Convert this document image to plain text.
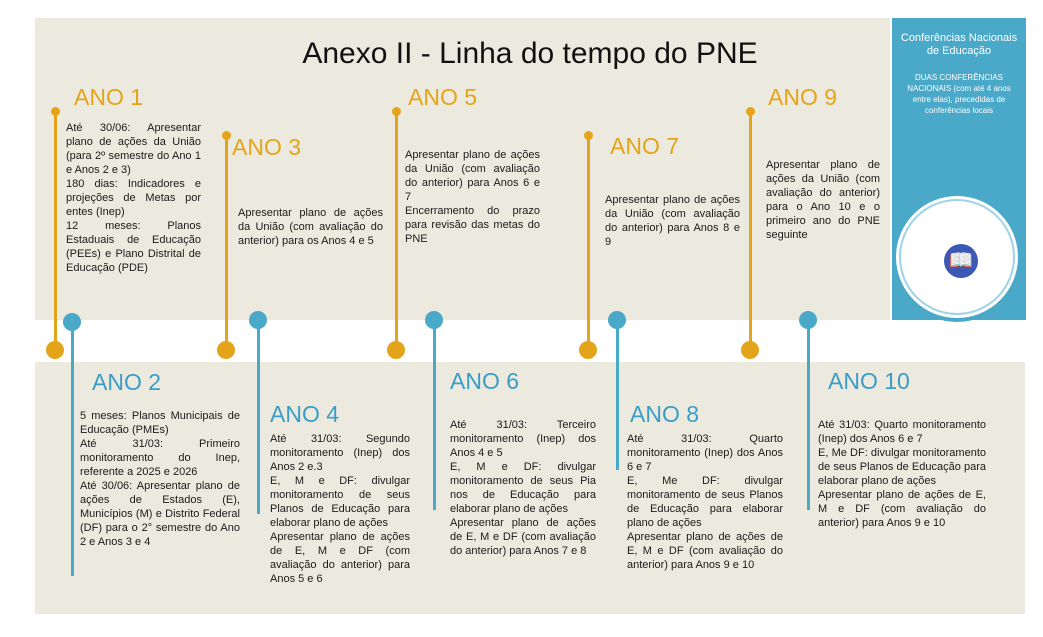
Conferências Nacionais de Educação
DUAS CONFERÊNCIAS NACIONAIS (com até 4 anos entre elas), precedidas de conferências locais
📖
Anexo II - Linha do tempo do PNE
ANO 1

Até 30/06: Apresentar plano de ações da União (para 2º semestre do Ano 1 e Anos 2 e 3)

180 dias: Indicadores e projeções de Metas por entes (Inep)

12 meses: Planos Estaduais de Educação (PEEs) e Plano Distrital de Educação (PDE)

ANO 2

5 meses: Planos Municipais de Educação (PMEs)

Até 31/03: Primeiro monitoramento do Inep, referente a 2025 e 2026

Até 30/06: Apresentar plano de ações de Estados (E), Municípios (M) e Distrito Federal (DF) para o 2° semestre do Ano 2 e Anos 3 e 4

ANO 3

Apresentar plano de ações da União (com avaliação do anterior) para os Anos 4 e 5

ANO 4

Até 31/03: Segundo monitoramento (Inep) dos Anos 2 e.3

E, M e DF: divulgar monitoramento de seus Planos de Educação para elaborar plano de ações

Apresentar plano de ações de E, M e DF (com avaliação do anterior) para Anos 5 e 6

ANO 5

Apresentar plano de ações da União (com avaliação do anterior) para Anos 6 e 7

Encerramento do prazo para revisão das metas do PNE

ANO 6

Até 31/03: Terceiro monitoramento (Inep) dos Anos 4 e 5

E, M e DF: divulgar monitoramento de seus Pia nos de Educação para elaborar plano de ações

Apresentar plano de ações de E, M e DF (com avaliação do anterior) para Anos 7 e 8

ANO 7

Apresentar plano de ações da União (com avaliação do anterior) para Anos 8 e 9

ANO 8

Até 31/03: Quarto monitoramento (Inep) dos Anos 6 e 7

E, Me DF: divulgar monitoramento de seus Planos de Educação para elaborar plano de ações

Apresentar plano de ações de E, M e DF (com avaliação do anterior) para Anos 9 e 10

ANO 9

Apresentar plano de ações da União (com avaliação do anterior) para o Ano 10 e o primeiro ano do PNE seguinte

ANO 10

Até 31/03: Quarto monitoramento (Inep) dos Anos 6 e 7

E, Me DF: divulgar monitoramento de seus Planos de Educação para elaborar plano de ações

Apresentar plano de ações de E, M e DF (com avaliação do anterior) para Anos 9 e 10
